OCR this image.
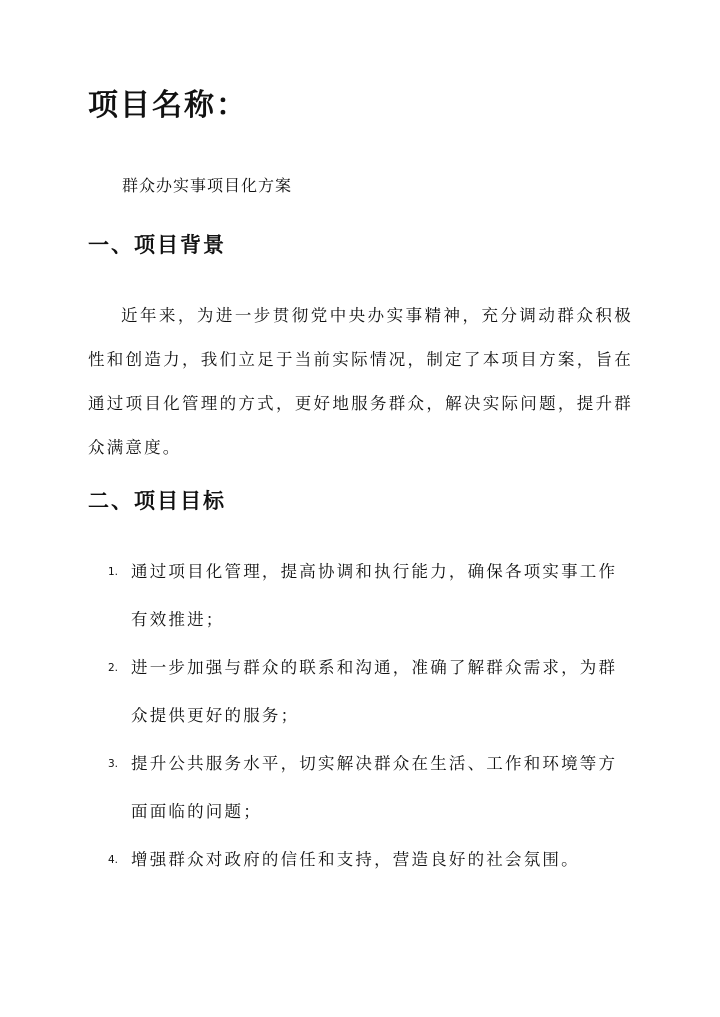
项目名称：

群众办实事项目化方案

一、项目背景

近年来，为进一步贯彻党中央办实事精神，充分调动群众积极性和创造力，我们立足于当前实际情况，制定了本项目方案，旨在通过项目化管理的方式，更好地服务群众，解决实际问题，提升群众满意度。

二、项目目标
1. 通过项目化管理，提高协调和执行能力，确保各项实事工作有效推进；

2. 进一步加强与群众的联系和沟通，准确了解群众需求，为群众提供更好的服务；

3. 提升公共服务水平，切实解决群众在生活、工作和环境等方面面临的问题；

4. 增强群众对政府的信任和支持，营造良好的社会氛围。
